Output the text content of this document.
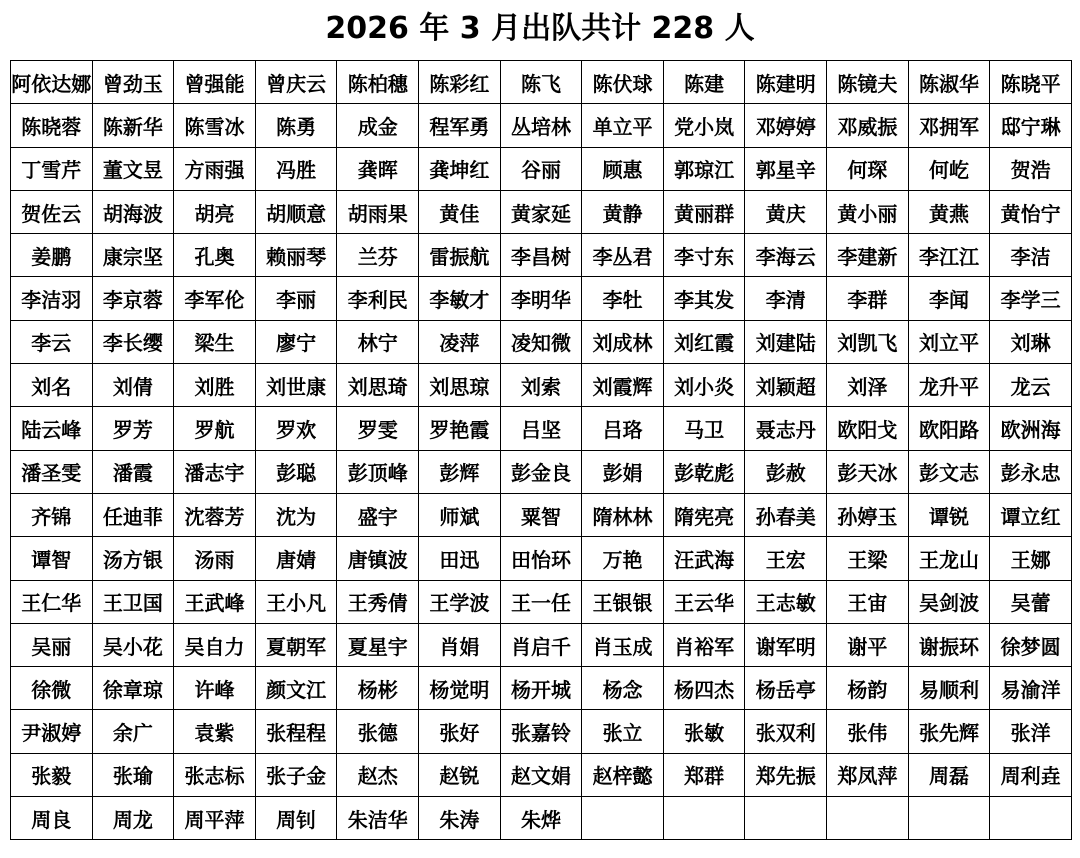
2026 年 3 月出队共计 228 人
阿依达娜	曾劲玉	曾强能	曾庆云	陈柏穗	陈彩红	陈飞	陈伏球	陈建	陈建明	陈镜夫	陈淑华	陈晓平
陈晓蓉	陈新华	陈雪冰	陈勇	成金	程军勇	丛培林	单立平	党小岚	邓婷婷	邓威振	邓拥军	邸宁琳
丁雪芹	董文昱	方雨强	冯胜	龚晖	龚坤红	谷丽	顾惠	郭琼江	郭星辛	何琛	何屹	贺浩
贺佐云	胡海波	胡亮	胡顺意	胡雨果	黄佳	黄家延	黄静	黄丽群	黄庆	黄小丽	黄燕	黄怡宁
姜鹏	康宗坚	孔奥	赖丽琴	兰芬	雷振航	李昌树	李丛君	李寸东	李海云	李建新	李江江	李洁
李洁羽	李京蓉	李军伦	李丽	李利民	李敏才	李明华	李牡	李其发	李清	李群	李闻	李学三
李云	李长缨	梁生	廖宁	林宁	凌萍	凌知微	刘成林	刘红霞	刘建陆	刘凯飞	刘立平	刘琳
刘名	刘倩	刘胜	刘世康	刘思琦	刘思琼	刘索	刘霞辉	刘小炎	刘颖超	刘泽	龙升平	龙云
陆云峰	罗芳	罗航	罗欢	罗雯	罗艳霞	吕坚	吕珞	马卫	聂志丹	欧阳戈	欧阳路	欧洲海
潘圣雯	潘霞	潘志宇	彭聪	彭顶峰	彭辉	彭金良	彭娟	彭乾彪	彭赦	彭天冰	彭文志	彭永忠
齐锦	任迪菲	沈蓉芳	沈为	盛宇	师斌	粟智	隋林林	隋宪亮	孙春美	孙婷玉	谭锐	谭立红
谭智	汤方银	汤雨	唐婧	唐镇波	田迅	田怡环	万艳	汪武海	王宏	王梁	王龙山	王娜
王仁华	王卫国	王武峰	王小凡	王秀倩	王学波	王一任	王银银	王云华	王志敏	王宙	吴剑波	吴蕾
吴丽	吴小花	吴自力	夏朝军	夏星宇	肖娟	肖启千	肖玉成	肖裕军	谢军明	谢平	谢振环	徐梦圆
徐微	徐章琼	许峰	颜文江	杨彬	杨觉明	杨开城	杨念	杨四杰	杨岳亭	杨韵	易顺利	易渝洋
尹淑婷	余广	袁紫	张程程	张德	张好	张嘉铃	张立	张敏	张双利	张伟	张先辉	张洋
张毅	张瑜	张志标	张子金	赵杰	赵锐	赵文娟	赵梓懿	郑群	郑先振	郑凤萍	周磊	周利垚
周良	周龙	周平萍	周钊	朱洁华	朱涛	朱烨						
